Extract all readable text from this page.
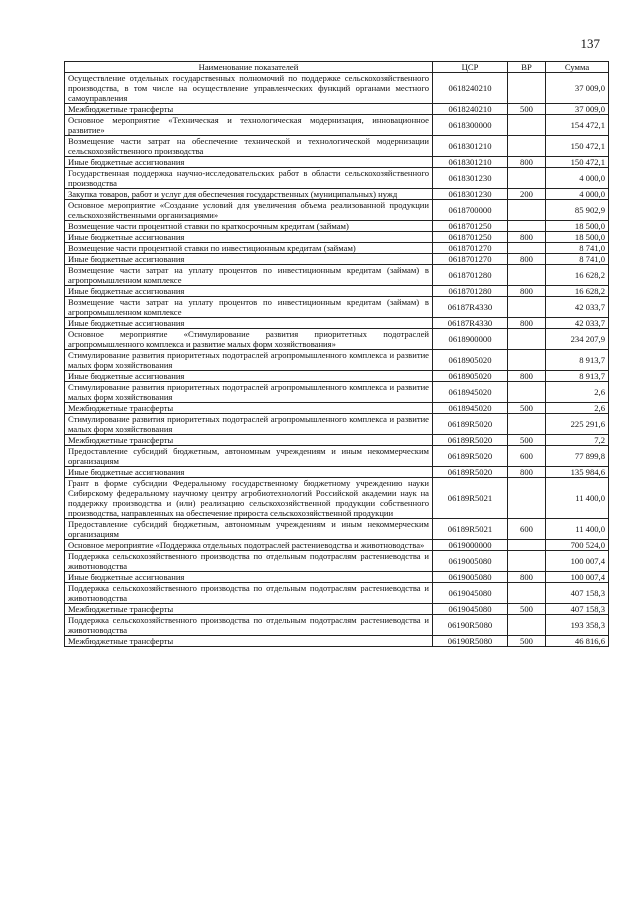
137
Наименование показателей	ЦСР	ВР	Сумма
Осуществление отдельных государственных полномочий по поддержке сельскохозяйственного производства, в том числе на осуществление управленческих функций органами местного самоуправления	0618240210		37 009,0
Межбюджетные трансферты	0618240210	500	37 009,0
Основное мероприятие «Техническая и технологическая модернизация, инновационное развитие»	0618300000		154 472,1
Возмещение части затрат на обеспечение технической и технологической модернизации сельскохозяйственного производства	0618301210		150 472,1
Иные бюджетные ассигнования	0618301210	800	150 472,1
Государственная поддержка научно-исследовательских работ в области сельскохозяйственного производства	0618301230		4 000,0
Закупка товаров, работ и услуг для обеспечения государственных (муниципальных) нужд	0618301230	200	4 000,0
Основное мероприятие «Создание условий для увеличения объема реализованной продукции сельскохозяйственными организациями»	0618700000		85 902,9
Возмещение части процентной ставки по краткосрочным кредитам (займам)	0618701250		18 500,0
Иные бюджетные ассигнования	0618701250	800	18 500,0
Возмещение части процентной ставки по инвестиционным кредитам (займам)	0618701270		8 741,0
Иные бюджетные ассигнования	0618701270	800	8 741,0
Возмещение части затрат на уплату процентов по инвестиционным кредитам (займам) в агропромышленном комплексе	0618701280		16 628,2
Иные бюджетные ассигнования	0618701280	800	16 628,2
Возмещение части затрат на уплату процентов по инвестиционным кредитам (займам) в агропромышленном комплексе	06187R4330		42 033,7
Иные бюджетные ассигнования	06187R4330	800	42 033,7
Основное мероприятие «Стимулирование развития приоритетных подотраслей агропромышленного комплекса и развитие малых форм хозяйствования»	0618900000		234 207,9
Стимулирование развития приоритетных подотраслей агропромышленного комплекса и развитие малых форм хозяйствования	0618905020		8 913,7
Иные бюджетные ассигнования	0618905020	800	8 913,7
Стимулирование развития приоритетных подотраслей агропромышленного комплекса и развитие малых форм хозяйствования	0618945020		2,6
Межбюджетные трансферты	0618945020	500	2,6
Стимулирование развития приоритетных подотраслей агропромышленного комплекса и развитие малых форм хозяйствования	06189R5020		225 291,6
Межбюджетные трансферты	06189R5020	500	7,2
Предоставление субсидий бюджетным, автономным учреждениям и иным некоммерческим организациям	06189R5020	600	77 899,8
Иные бюджетные ассигнования	06189R5020	800	135 984,6
Грант в форме субсидии Федеральному государственному бюджетному учреждению науки Сибирскому федеральному научному центру агробиотехнологий Российской академии наук на поддержку производства и (или) реализацию сельскохозяйственной продукции собственного производства, направленных на обеспечение прироста сельскохозяйственной продукции	06189R5021		11 400,0
Предоставление субсидий бюджетным, автономным учреждениям и иным некоммерческим организациям	06189R5021	600	11 400,0
Основное мероприятие «Поддержка отдельных подотраслей растениеводства и животноводства»	0619000000		700 524,0
Поддержка сельскохозяйственного производства по отдельным подотраслям растениеводства и животноводства	0619005080		100 007,4
Иные бюджетные ассигнования	0619005080	800	100 007,4
Поддержка сельскохозяйственного производства по отдельным подотраслям растениеводства и животноводства	0619045080		407 158,3
Межбюджетные трансферты	0619045080	500	407 158,3
Поддержка сельскохозяйственного производства по отдельным подотраслям растениеводства и животноводства	06190R5080		193 358,3
Межбюджетные трансферты	06190R5080	500	46 816,6
